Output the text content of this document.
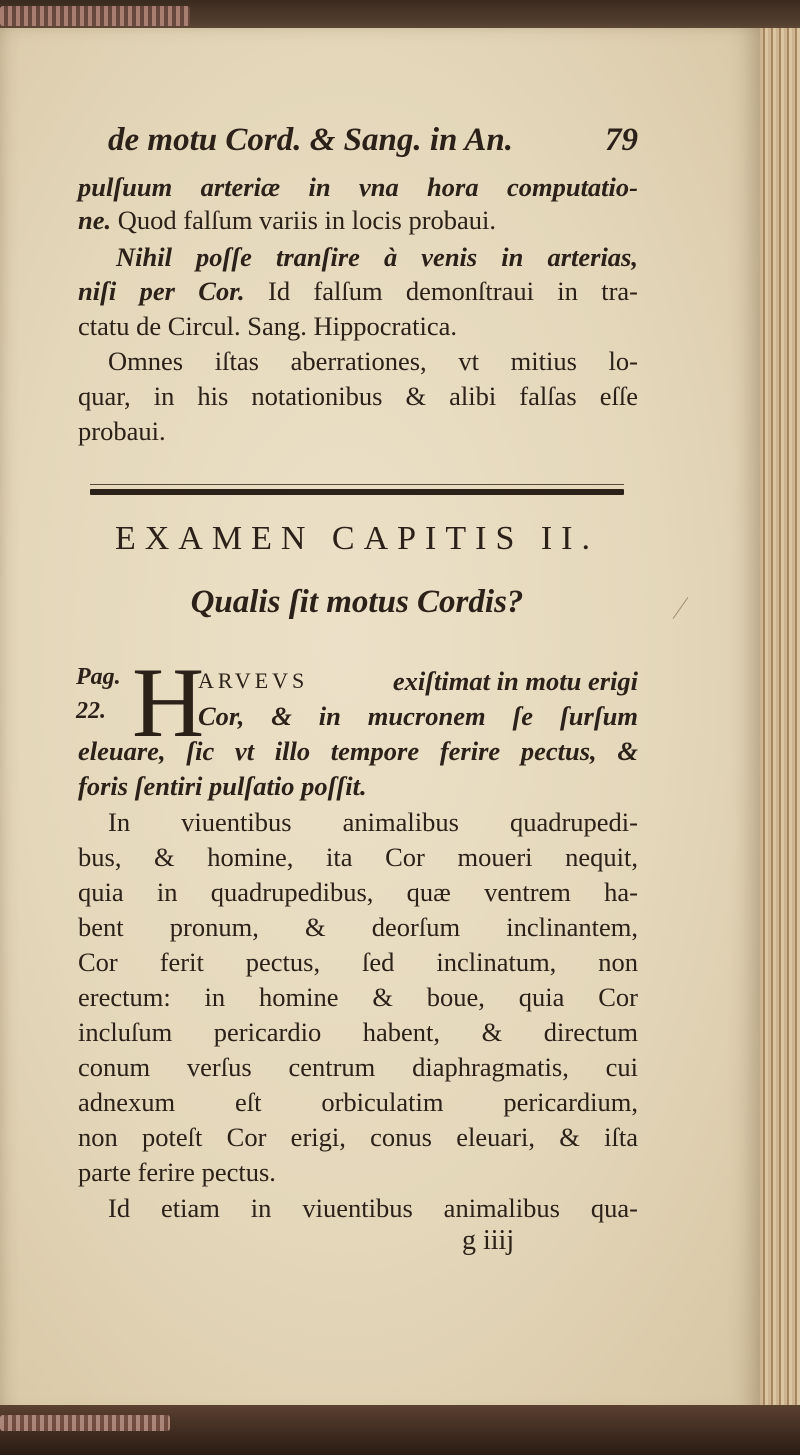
de motu Cord. & Sang. in An.	79
pulſuum arteriæ in vna hora computatio-
ne. Quod falſum variis in locis probaui.
Nihil poſſe tranſire à venis in arterias,
niſi per Cor. Id falſum demonſtraui in tra-
ctatu de Circul. Sang. Hippocratica.
Omnes iſtas aberrationes, vt mitius lo-
quar, in his notationibus & alibi falſas eſſe
probaui.
EXAMEN CAPITIS II.
Qualis ſit motus Cordis?
Pag.
22. H
ARVEVS	exiſtimat in motu erigi
Cor, & in mucronem ſe ſurſum
eleuare, ſic vt illo tempore ferire pectus, &
foris ſentiri pulſatio poſſit.
In viuentibus animalibus quadrupedi-
bus, & homine, ita Cor moueri nequit,
quia in quadrupedibus, quæ ventrem ha-
bent pronum, & deorſum inclinantem,
Cor ferit pectus, ſed inclinatum, non
erectum: in homine & boue, quia Cor
incluſum pericardio habent, & directum
conum verſus centrum diaphragmatis, cui
adnexum eſt orbiculatim pericardium,
non poteſt Cor erigi, conus eleuari, & iſta
parte ferire pectus.
Id etiam in viuentibus animalibus qua-
g iiij
